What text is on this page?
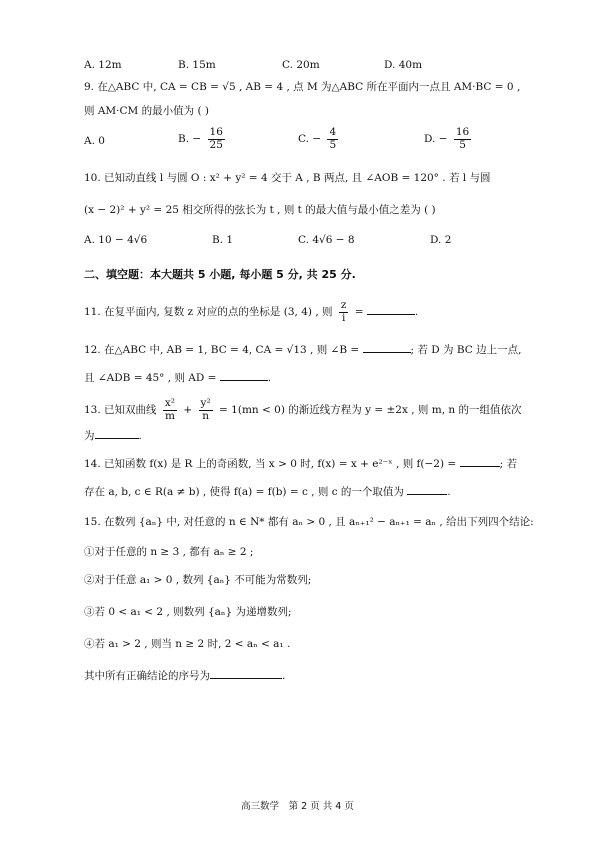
A. 12m	B. 15m	C. 20m	D. 40m
9. 在△ABC 中, CA = CB = √5 , AB = 4 , 点 M 为△ABC 所在平面内一点且 AM·BC = 0 ,
则 AM·CM 的最小值为 ( )
A. 0	B. − $\frac{16}{25}$	C. − $\frac{4}{5}$	D. − $\frac{16}{5}$
10. 已知动直线 l 与圆 O : x² + y² = 4 交于 A , B 两点, 且 ∠AOB = 120° . 若 l 与圆
(x − 2)² + y² = 25 相交所得的弦长为 t , 则 t 的最大值与最小值之差为 ( )
A. 10 − 4√6	B. 1	C. 4√6 − 8	D. 2
二、填空题：本大题共 5 小题, 每小题 5 分, 共 25 分.
11. 在复平面内, 复数 z 对应的点的坐标是 (3, 4) , 则 $\frac{z}{i}$ =	.
12. 在△ABC 中, AB = 1, BC = 4, CA = √13 , 则 ∠B =	; 若 D 为 BC 边上一点,
且 ∠ADB = 45° , 则 AD =	.
13. 已知双曲线 $\frac{\text{x²}}{m} + \frac{\text{y²}}{n} = 1(mn < 0)$ 的渐近线方程为 y = ±2x , 则 m, n 的一组值依次
为	.
14. 已知函数 f(x) 是 R 上的奇函数, 当 x > 0 时, f(x) = x + e²⁻ˣ , 则 f(−2) =	; 若
存在 a, b, c ∈ R(a ≠ b) , 使得 f(a) = f(b) = c , 则 c 的一个取值为	.
15. 在数列 {aₙ} 中, 对任意的 n ∈ N* 都有 aₙ > 0 , 且 aₙ₊₁² − aₙ₊₁ = aₙ , 给出下列四个结论:
①对于任意的 n ≥ 3 , 都有 aₙ ≥ 2 ;
②对于任意 a₁ > 0 , 数列 {aₙ} 不可能为常数列;
③若 0 < a₁ < 2 , 则数列 {aₙ} 为递增数列;
④若 a₁ > 2 , 则当 n ≥ 2 时, 2 < aₙ < a₁ .
其中所有正确结论的序号为	.
高三数学　第 2 页 共 4 页
